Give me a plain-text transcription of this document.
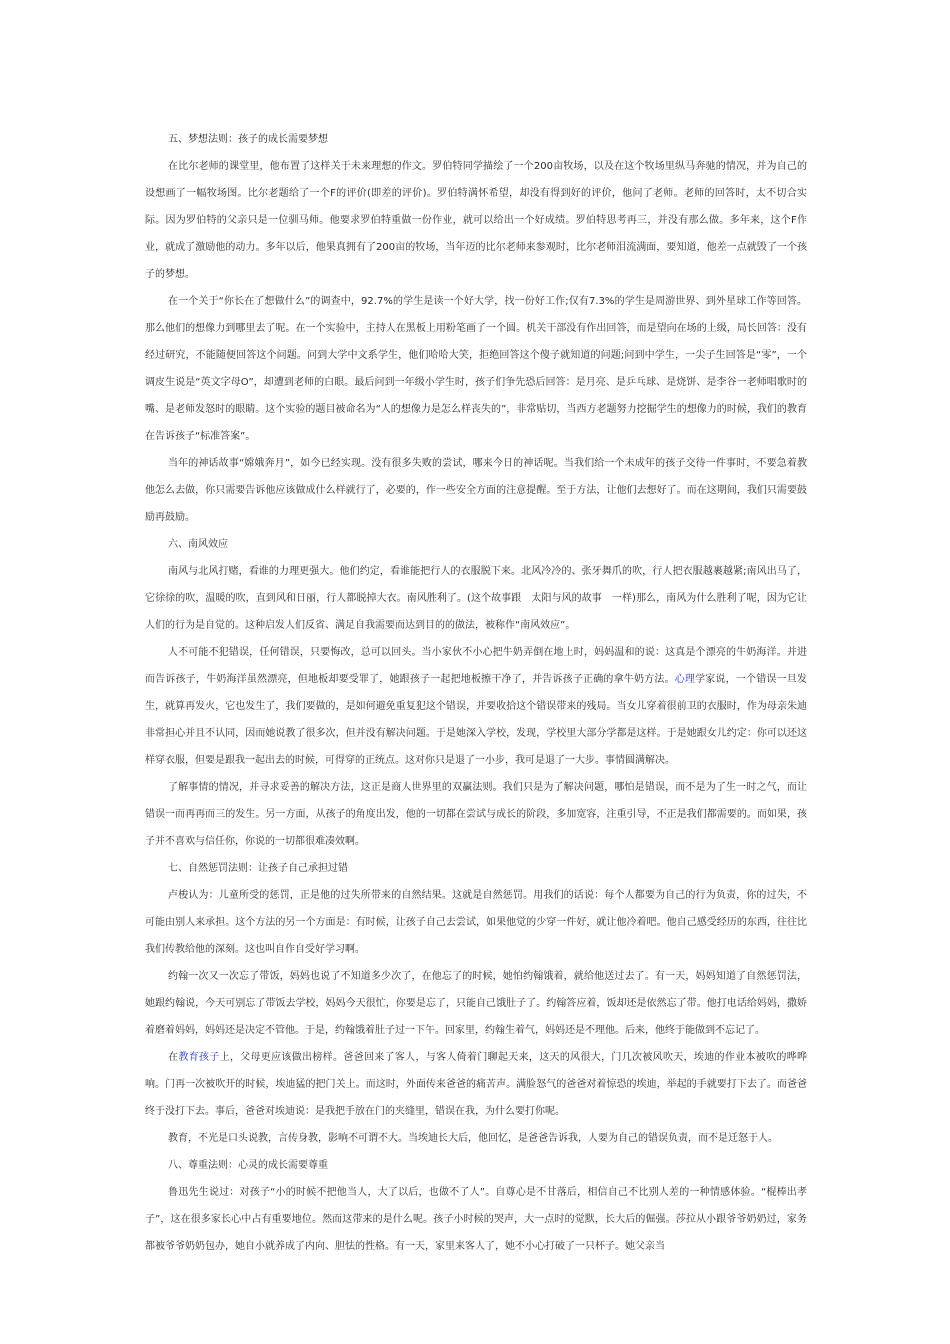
五、梦想法则：孩子的成长需要梦想

在比尔老师的课堂里，他布置了这样关于未来理想的作文。罗伯特同学描绘了一个200亩牧场，以及在这个牧场里纵马奔驰的情况，并为自己的设想画了一幅牧场图。比尔老题给了一个F的评价(即差的评价)。罗伯特满怀希望，却没有得到好的评价，他问了老师。老师的回答时，太不切合实际。因为罗伯特的父亲只是一位驯马师。他要求罗伯特重做一份作业，就可以给出一个好成绩。罗伯特思考再三，并没有那么做。多年来，这个F作业，就成了激励他的动力。多年以后，他果真拥有了200亩的牧场，当年迈的比尔老师来参观时，比尔老师泪流满面，要知道，他差一点就毁了一个孩子的梦想。

在一个关于“你长在了想做什么”的调查中，92.7%的学生是读一个好大学，找一份好工作;仅有7.3%的学生是周游世界、到外星球工作等回答。那么他们的想像力到哪里去了呢。在一个实验中，主持人在黑板上用粉笔画了一个圆。机关干部没有作出回答，而是望向在场的上级，局长回答：没有经过研究，不能随便回答这个问题。问到大学中文系学生，他们哈哈大笑，拒绝回答这个傻子就知道的问题;问到中学生，一尖子生回答是“零”，一个调皮生说是“英文字母O”，却遭到老师的白眼。最后问到一年级小学生时，孩子们争先恐后回答：是月亮、是乒乓球、是烧饼、是李谷一老师唱歌时的嘴、是老师发怒时的眼睛。这个实验的题目被命名为“人的想像力是怎么样丧失的”，非常贴切，当西方老题努力挖掘学生的想像力的时候，我们的教育在告诉孩子“标准答案”。

当年的神话故事“嫦娥奔月”，如今已经实现。没有很多失败的尝试，哪来今日的神话呢。当我们给一个未成年的孩子交待一件事时，不要急着教他怎么去做，你只需要告诉他应该做成什么样就行了，必要的，作一些安全方面的注意提醒。至于方法，让他们去想好了。而在这期间，我们只需要鼓励再鼓励。

六、南风效应

南风与北风打赌，看谁的力理更强大。他们约定，看谁能把行人的衣服脱下来。北风冷冷的、张牙舞爪的吹，行人把衣服越裹越紧;南风出马了，它徐徐的吹，温暖的吹，直到风和日丽，行人都脱掉大衣。南风胜利了。(这个故事跟　太阳与风的故事　一样)那么，南风为什么胜利了呢，因为它让人们的行为是自觉的。这种启发人们反省、满足自我需要而达到目的的做法，被称作“南风效应”。

人不可能不犯错误，任何错误，只要悔改，总可以回头。当小家伙不小心把牛奶弄倒在地上时，妈妈温和的说：这真是个漂亮的牛奶海洋。并进而告诉孩子，牛奶海洋虽然漂亮，但地板却要受罪了，她跟孩子一起把地板擦干净了，并告诉孩子正确的拿牛奶方法。心理学家说，一个错误一旦发生，就算再发火，它也发生了，我们要做的，是如何避免重复犯这个错误，并要收拾这个错误带来的残局。当女儿穿着很前卫的衣服时，作为母亲朱迪非常担心并且不认同，因而她说教了很多次，但并没有解决问题。于是她深入学校，发现，学校里大部分学都是这样。于是她跟女儿约定：你可以还这样穿衣服，但要是跟我一起出去的时候，可得穿的正统点。这对你只是退了一小步，我可是退了一大步。事情圆满解决。

了解事情的情况，并寻求妥善的解决方法，这正是商人世界里的双赢法则。我们只是为了解决问题，哪怕是错误，而不是为了生一时之气，而让错误一而再再而三的发生。另一方面，从孩子的角度出发，他的一切都在尝试与成长的阶段，多加宽容，注重引导，不正是我们都需要的。而如果，孩子并不喜欢与信任你，你说的一切都很难凑效啊。

七、自然惩罚法则：让孩子自己承担过错

卢梭认为：儿童所受的惩罚，正是他的过失所带来的自然结果。这就是自然惩罚。用我们的话说：每个人都要为自己的行为负责，你的过失，不可能由别人来承担。这个方法的另一个方面是：有时候，让孩子自己去尝试，如果他觉的少穿一件好，就让他冷着吧。他自己感受经历的东西，往往比我们传教给他的深刻。这也叫自作自受好学习啊。

约翰一次又一次忘了带饭，妈妈也说了不知道多少次了，在他忘了的时候，她怕约翰饿着，就给他送过去了。有一天，妈妈知道了自然惩罚法，她跟约翰说，今天可别忘了带饭去学校，妈妈今天很忙，你要是忘了，只能自己饿肚子了。约翰答应着，饭却还是依然忘了带。他打电话给妈妈，撒娇着磨着妈妈，妈妈还是决定不管他。于是，约翰饿着肚子过一下午。回家里，约翰生着气，妈妈还是不理他。后来，他终于能做到不忘记了。

在教育孩子上，父母更应该做出榜样。爸爸回来了客人，与客人倚着门聊起天来，这天的风很大，门几次被风吹天，埃迪的作业本被吹的哗哗响。门再一次被吹开的时候，埃迪猛的把门关上。而这时，外面传来爸爸的痛苦声。满脸怒气的爸爸对着惊恐的埃迪，举起的手就要打下去了。而爸爸终于没打下去。事后，爸爸对埃迪说：是我把手放在门的夹缝里，错误在我，为什么要打你呢。

教育，不光是口头说教，言传身教，影响不可谓不大。当埃迪长大后，他回忆，是爸爸告诉我，人要为自己的错误负责，而不是迁怒于人。

八、尊重法则：心灵的成长需要尊重

鲁迅先生说过：对孩子“小的时候不把他当人，大了以后，也做不了人”。自尊心是不甘落后，相信自己不比别人差的一种情感体验。“棍棒出孝子”，这在很多家长心中占有重要地位。然而这带来的是什么呢。孩子小时候的哭声，大一点时的觉默，长大后的倔强。莎拉从小跟爷爷奶奶过，家务都被爷爷奶奶包办，她自小就养成了内向、胆怯的性格。有一天，家里来客人了，她不小心打破了一只杯子。她父亲当
